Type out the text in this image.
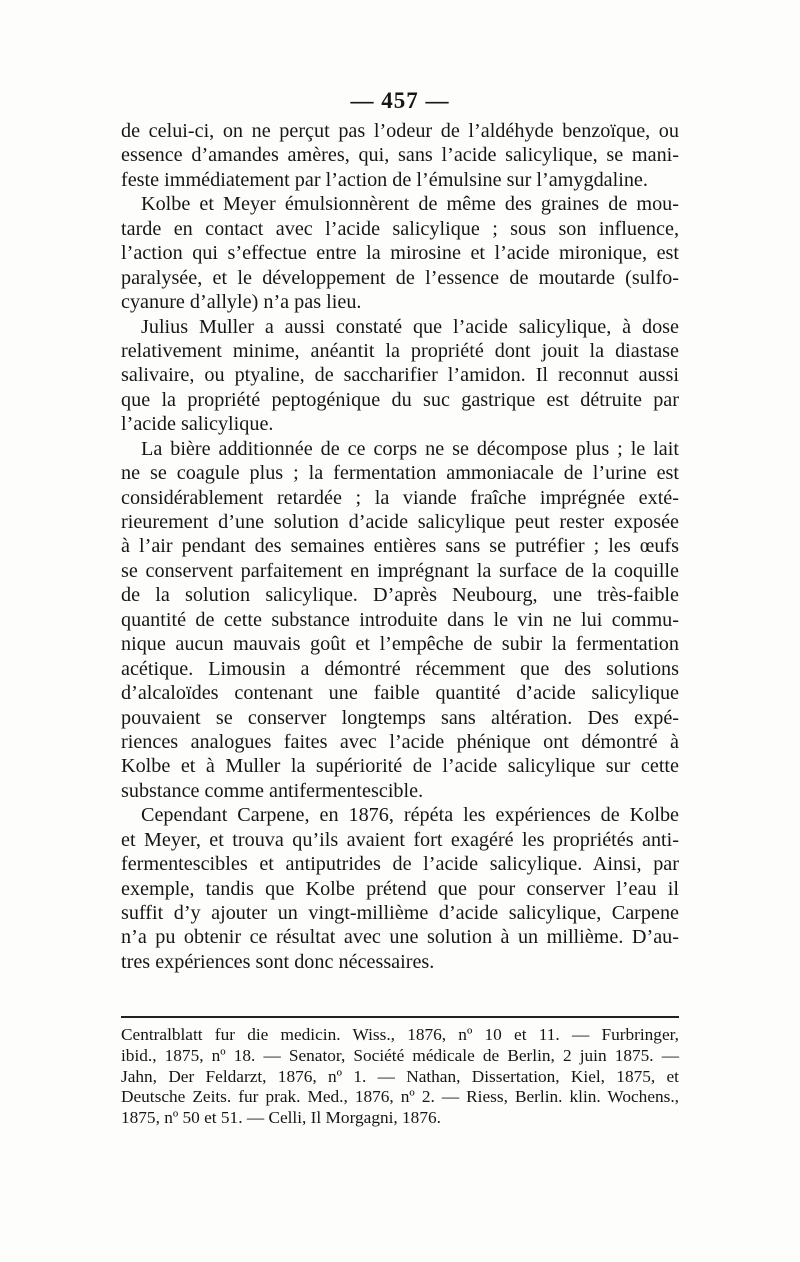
— 457 —
de celui-ci, on ne perçut pas l’odeur de l’aldéhyde benzoïque, ou
essence d’amandes amères, qui, sans l’acide salicylique, se mani-
feste immédiatement par l’action de l’émulsine sur l’amygdaline.
Kolbe et Meyer émulsionnèrent de même des graines de mou-
tarde en contact avec l’acide salicylique ; sous son influence,
l’action qui s’effectue entre la mirosine et l’acide mironique, est
paralysée, et le développement de l’essence de moutarde (sulfo-
cyanure d’allyle) n’a pas lieu.
Julius Muller a aussi constaté que l’acide salicylique, à dose
relativement minime, anéantit la propriété dont jouit la diastase
salivaire, ou ptyaline, de saccharifier l’amidon. Il reconnut aussi
que la propriété peptogénique du suc gastrique est détruite par
l’acide salicylique.
La bière additionnée de ce corps ne se décompose plus ; le lait
ne se coagule plus ; la fermentation ammoniacale de l’urine est
considérablement retardée ; la viande fraîche imprégnée exté-
rieurement d’une solution d’acide salicylique peut rester exposée
à l’air pendant des semaines entières sans se putréfier ; les œufs
se conservent parfaitement en imprégnant la surface de la coquille
de la solution salicylique. D’après Neubourg, une très-faible
quantité de cette substance introduite dans le vin ne lui commu-
nique aucun mauvais goût et l’empêche de subir la fermentation
acétique. Limousin a démontré récemment que des solutions
d’alcaloïdes contenant une faible quantité d’acide salicylique
pouvaient se conserver longtemps sans altération. Des expé-
riences analogues faites avec l’acide phénique ont démontré à
Kolbe et à Muller la supériorité de l’acide salicylique sur cette
substance comme antifermentescible.
Cependant Carpene, en 1876, répéta les expériences de Kolbe
et Meyer, et trouva qu’ils avaient fort exagéré les propriétés anti-
fermentescibles et antiputrides de l’acide salicylique. Ainsi, par
exemple, tandis que Kolbe prétend que pour conserver l’eau il
suffit d’y ajouter un vingt-millième d’acide salicylique, Carpene
n’a pu obtenir ce résultat avec une solution à un millième. D’au-
tres expériences sont donc nécessaires.
Centralblatt fur die medicin. Wiss., 1876, nº 10 et 11. — Furbringer,
ibid., 1875, nº 18. — Senator, Société médicale de Berlin, 2 juin 1875. —
Jahn, Der Feldarzt, 1876, nº 1. — Nathan, Dissertation, Kiel, 1875, et
Deutsche Zeits. fur prak. Med., 1876, nº 2. — Riess, Berlin. klin. Wochens.,
1875, nº 50 et 51. — Celli, Il Morgagni, 1876.
